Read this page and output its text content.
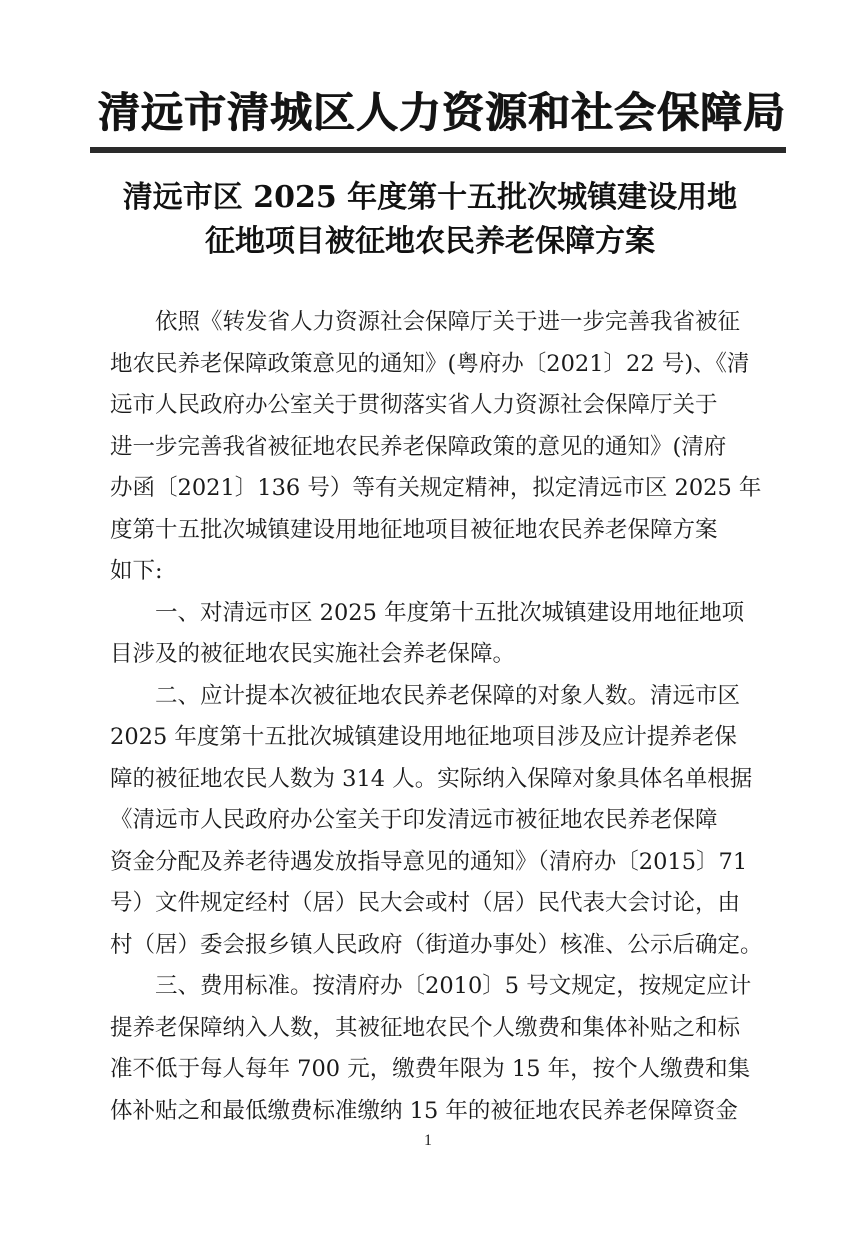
清远市清城区人力资源和社会保障局
清远市区 2025 年度第十五批次城镇建设用地
征地项目被征地农民养老保障方案
依照《转发省人力资源社会保障厅关于进一步完善我省被征
地农民养老保障政策意见的通知》(粤府办〔2021〕22 号)、《清
远市人民政府办公室关于贯彻落实省人力资源社会保障厅关于
进一步完善我省被征地农民养老保障政策的意见的通知》(清府
办函〔2021〕136 号）等有关规定精神，拟定清远市区 2025 年
度第十五批次城镇建设用地征地项目被征地农民养老保障方案
如下:
一、对清远市区 2025 年度第十五批次城镇建设用地征地项
目涉及的被征地农民实施社会养老保障。
二、应计提本次被征地农民养老保障的对象人数。清远市区
2025 年度第十五批次城镇建设用地征地项目涉及应计提养老保
障的被征地农民人数为 314 人。实际纳入保障对象具体名单根据
《清远市人民政府办公室关于印发清远市被征地农民养老保障
资金分配及养老待遇发放指导意见的通知》（清府办〔2015〕71
号）文件规定经村（居）民大会或村（居）民代表大会讨论，由
村（居）委会报乡镇人民政府（街道办事处）核准、公示后确定。
三、费用标准。按清府办〔2010〕5 号文规定，按规定应计
提养老保障纳入人数，其被征地农民个人缴费和集体补贴之和标
准不低于每人每年 700 元，缴费年限为 15 年，按个人缴费和集
体补贴之和最低缴费标准缴纳 15 年的被征地农民养老保障资金
1
